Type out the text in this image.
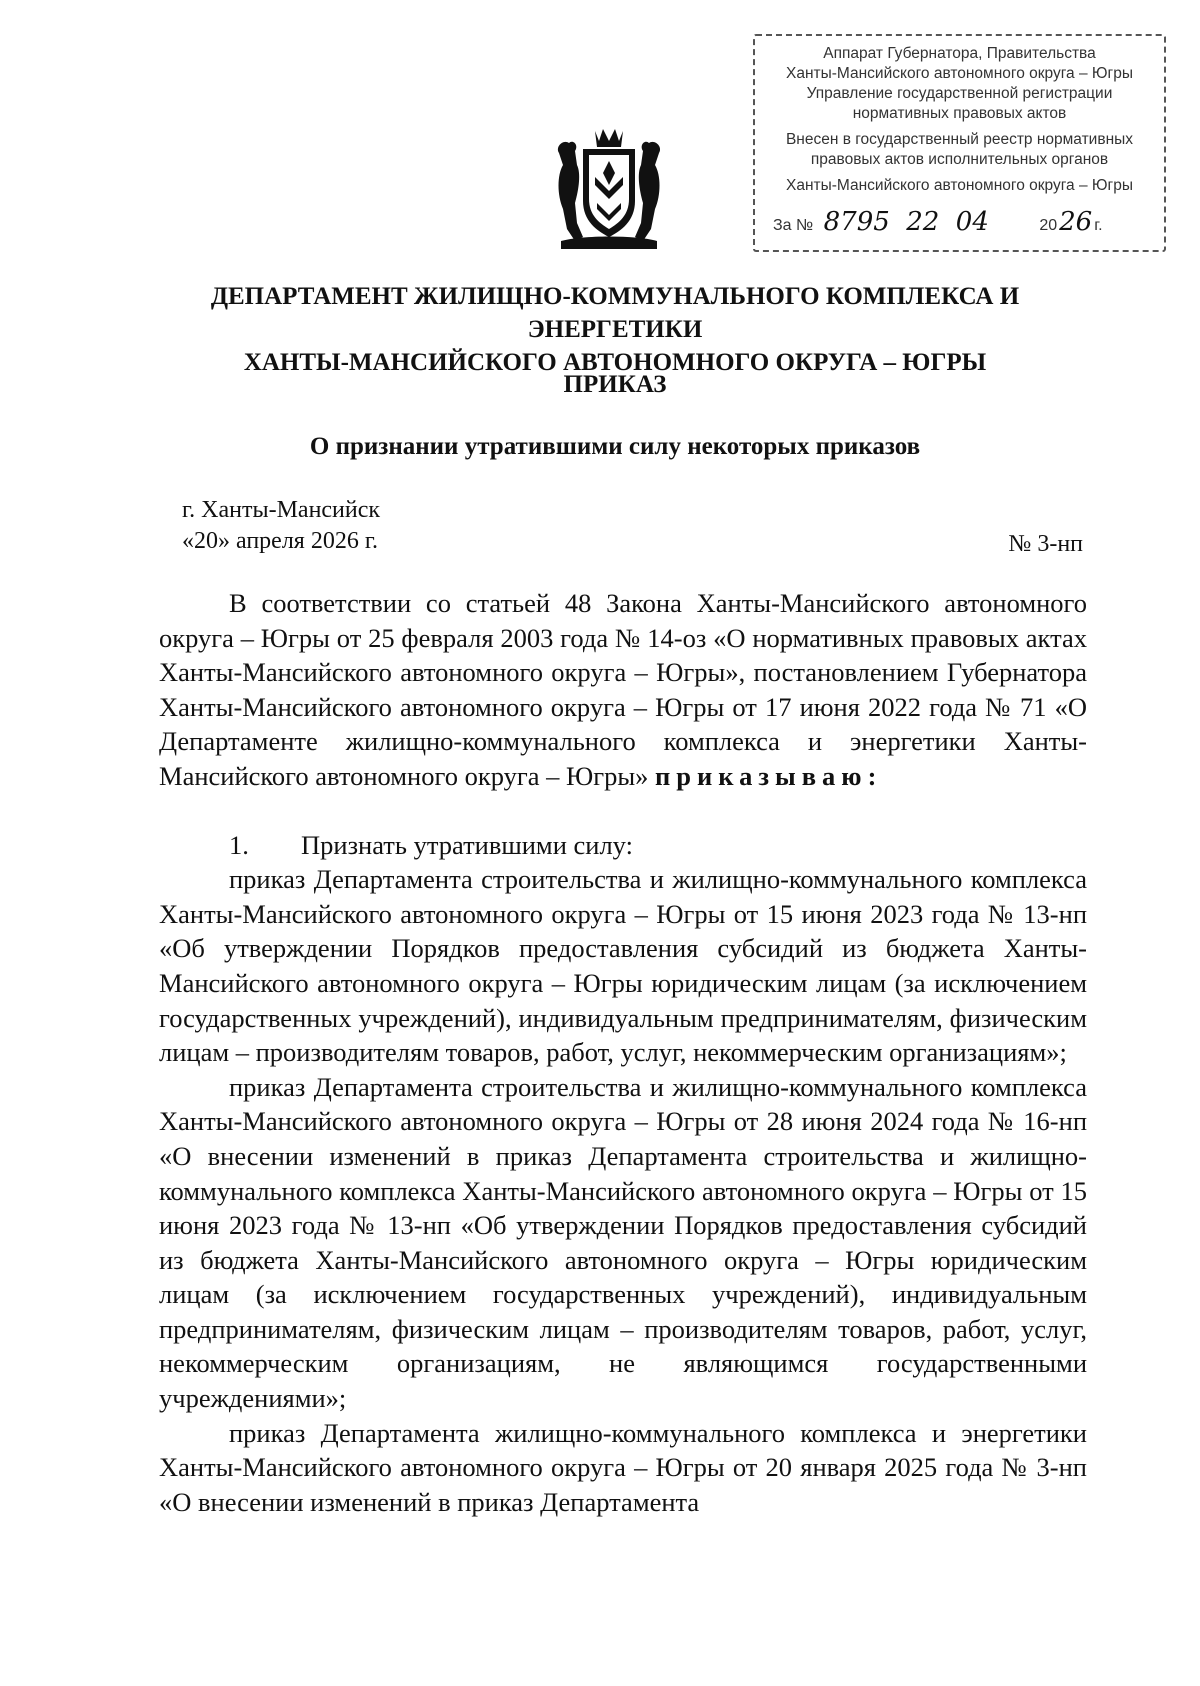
Аппарат Губернатора, Правительства
Ханты-Мансийского автономного округа – Югры
Управление государственной регистрации
нормативных правовых актов
Внесен в государственный реестр нормативных
правовых актов исполнительных органов
Ханты-Мансийского автономного округа – Югры
За № 8795 22 04	2026 г.
ДЕПАРТАМЕНТ ЖИЛИЩНО-КОММУНАЛЬНОГО КОМПЛЕКСА И ЭНЕРГЕТИКИ
ХАНТЫ-МАНСИЙСКОГО АВТОНОМНОГО ОКРУГА – ЮГРЫ
ПРИКАЗ
О признании утратившими силу некоторых приказов
г. Ханты-Мансийск
«20» апреля 2026 г.	№ 3-нп

В соответствии со статьей 48 Закона Ханты-Мансийского автономного округа – Югры от 25 февраля 2003 года № 14-оз «О нормативных правовых актах Ханты-Мансийского автономного округа – Югры», постановлением Губернатора Ханты-Мансийского автономного округа – Югры от 17 июня 2022 года № 71 «О Департаменте жилищно-коммунального комплекса и энергетики Ханты-Мансийского автономного округа – Югры» приказываю:

1. Признать утратившими силу:

приказ Департамента строительства и жилищно-коммунального комплекса Ханты-Мансийского автономного округа – Югры от 15 июня 2023 года № 13-нп «Об утверждении Порядков предоставления субсидий из бюджета Ханты-Мансийского автономного округа – Югры юридическим лицам (за исключением государственных учреждений), индивидуальным предпринимателям, физическим лицам – производителям товаров, работ, услуг, некоммерческим организациям»;

приказ Департамента строительства и жилищно-коммунального комплекса Ханты-Мансийского автономного округа – Югры от 28 июня 2024 года № 16-нп «О внесении изменений в приказ Департамента строительства и жилищно-коммунального комплекса Ханты-Мансийского автономного округа – Югры от 15 июня 2023 года № 13-нп «Об утверждении Порядков предоставления субсидий из бюджета Ханты-Мансийского автономного округа – Югры юридическим лицам (за исключением государственных учреждений), индивидуальным предпринимателям, физическим лицам – производителям товаров, работ, услуг, некоммерческим организациям, не являющимся государственными учреждениями»;

приказ Департамента жилищно-коммунального комплекса и энергетики Ханты-Мансийского автономного округа – Югры от 20 января 2025 года № 3-нп «О внесении изменений в приказ Департамента
